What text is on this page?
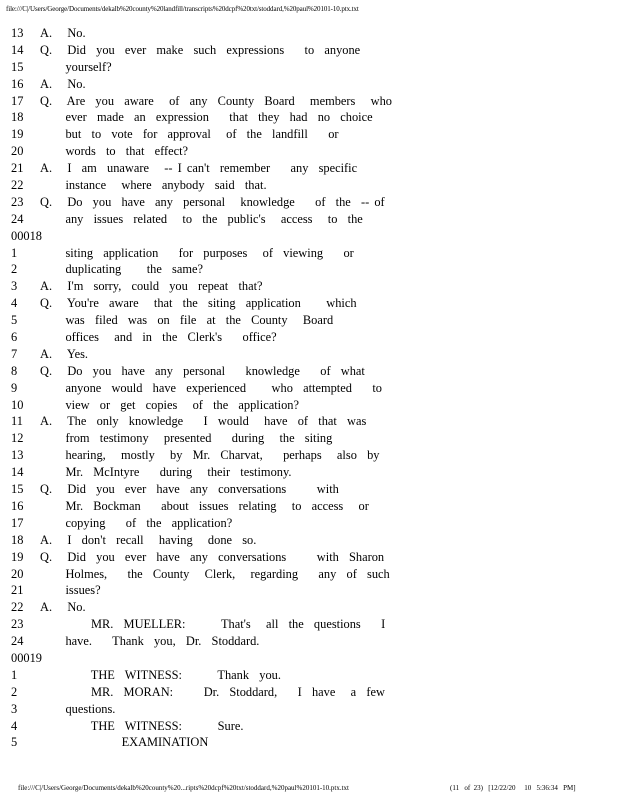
file:///C|/Users/George/Documents/dekalb%20county%20landfill/transcripts%20dcpf%20txt/stoddard,%20paul%20101-10.ptx.txt
13 A.   No.
14 Q.   Did  you  ever  make  such  expressions    to  anyone
15 yourself?
16 A.   No.
17 Q.   Are  you  aware   of  any  County  Board   members   who
18 ever  made  an  expression    that  they  had  no  choice
19 but  to  vote  for  approval   of  the  landfill    or
20 words  to  that  effect?
21 A.   I  am  unaware   -- I can't  remember    any  specific
22 instance   where  anybody  said  that.
23 Q.   Do  you  have  any  personal   knowledge    of  the  -- of
24 any  issues  related   to  the  public's   access   to  the
00018
1 siting  application    for  purposes   of  viewing    or
2 duplicating     the  same?
3 A.   I'm  sorry,  could  you  repeat  that?
4 Q.   You're  aware   that  the  siting  application     which
5 was  filed  was  on  file  at  the  County   Board
6 offices   and  in  the  Clerk's    office?
7 A.   Yes.
8 Q.   Do  you  have  any  personal    knowledge    of  what
9 anyone  would  have  experienced     who  attempted    to
10 view  or  get  copies   of  the  application?
11 A.   The  only  knowledge    I  would   have  of  that  was
12 from  testimony   presented    during   the  siting
13 hearing,   mostly   by  Mr.  Charvat,    perhaps   also  by
14 Mr.  McIntyre    during   their  testimony.
15 Q.   Did  you  ever  have  any  conversations      with
16 Mr.  Bockman    about  issues  relating   to  access   or
17 copying    of  the  application?
18 A.   I  don't  recall   having   done  so.
19 Q.   Did  you  ever  have  any  conversations      with  Sharon
20 Holmes,    the  County   Clerk,   regarding    any  of  such
21 issues?
22 A.   No.
23 MR.  MUELLER:       That's   all  the  questions    I
24 have.    Thank  you,  Dr.  Stoddard.
00019
1 THE  WITNESS:       Thank  you.
2 MR.  MORAN:      Dr.  Stoddard,    I  have   a  few
3 questions.
4 THE  WITNESS:       Sure.
5 EXAMINATION
file:///C|/Users/George/Documents/dekalb%20county%20...ripts%20dcpf%20txt/stoddard,%20paul%20101-10.ptx.txt	(11   of  23)   [12/22/20     10   5:36:34   PM]
